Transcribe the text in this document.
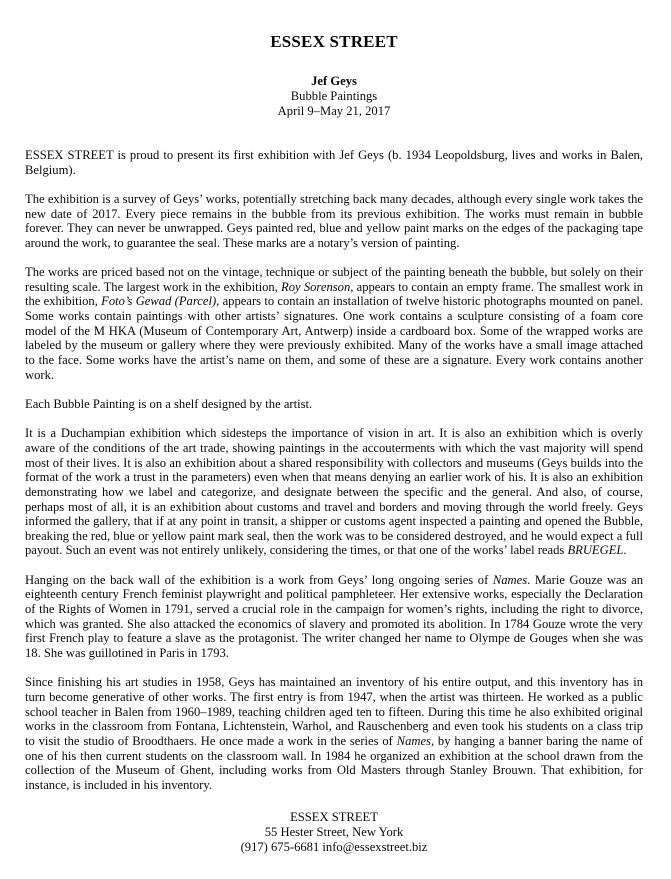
ESSEX STREET
Jef Geys
Bubble Paintings
April 9–May 21, 2017

ESSEX STREET is proud to present its first exhibition with Jef Geys (b. 1934 Leopoldsburg, lives and works in Balen, Belgium).

The exhibition is a survey of Geys’ works, potentially stretching back many decades, although every single work takes the new date of 2017. Every piece remains in the bubble from its previous exhibition. The works must remain in bubble forever. They can never be unwrapped. Geys painted red, blue and yellow paint marks on the edges of the packaging tape around the work, to guarantee the seal. These marks are a notary’s version of painting.

The works are priced based not on the vintage, technique or subject of the painting beneath the bubble, but solely on their resulting scale. The largest work in the exhibition, Roy Sorenson, appears to contain an empty frame. The smallest work in the exhibition, Foto’s Gewad (Parcel), appears to contain an installation of twelve historic photographs mounted on panel. Some works contain paintings with other artists’ signatures. One work contains a sculpture consisting of a foam core model of the M HKA (Museum of Contemporary Art, Antwerp) inside a cardboard box. Some of the wrapped works are labeled by the museum or gallery where they were previously exhibited. Many of the works have a small image attached to the face. Some works have the artist’s name on them, and some of these are a signature. Every work contains another work.

Each Bubble Painting is on a shelf designed by the artist.

It is a Duchampian exhibition which sidesteps the importance of vision in art. It is also an exhibition which is overly aware of the conditions of the art trade, showing paintings in the accouterments with which the vast majority will spend most of their lives. It is also an exhibition about a shared responsibility with collectors and museums (Geys builds into the format of the work a trust in the parameters) even when that means denying an earlier work of his. It is also an exhibition demonstrating how we label and categorize, and designate between the specific and the general. And also, of course, perhaps most of all, it is an exhibition about customs and travel and borders and moving through the world freely. Geys informed the gallery, that if at any point in transit, a shipper or customs agent inspected a painting and opened the Bubble, breaking the red, blue or yellow paint mark seal, then the work was to be considered destroyed, and he would expect a full payout. Such an event was not entirely unlikely, considering the times, or that one of the works’ label reads BRUEGEL.

Hanging on the back wall of the exhibition is a work from Geys’ long ongoing series of Names. Marie Gouze was an eighteenth century French feminist playwright and political pamphleteer. Her extensive works, especially the Declaration of the Rights of Women in 1791, served a crucial role in the campaign for women’s rights, including the right to divorce, which was granted. She also attacked the economics of slavery and promoted its abolition. In 1784 Gouze wrote the very first French play to feature a slave as the protagonist. The writer changed her name to Olympe de Gouges when she was 18. She was guillotined in Paris in 1793.

Since finishing his art studies in 1958, Geys has maintained an inventory of his entire output, and this inventory has in turn become generative of other works. The first entry is from 1947, when the artist was thirteen. He worked as a public school teacher in Balen from 1960–1989, teaching children aged ten to fifteen. During this time he also exhibited original works in the classroom from Fontana, Lichtenstein, Warhol, and Rauschenberg and even took his students on a class trip to visit the studio of Broodthaers. He once made a work in the series of Names, by hanging a banner baring the name of one of his then current students on the classroom wall. In 1984 he organized an exhibition at the school drawn from the collection of the Museum of Ghent, including works from Old Masters through Stanley Brouwn. That exhibition, for instance, is included in his inventory.

ESSEX STREET
55 Hester Street, New York
(917) 675-6681 info@essexstreet.biz
